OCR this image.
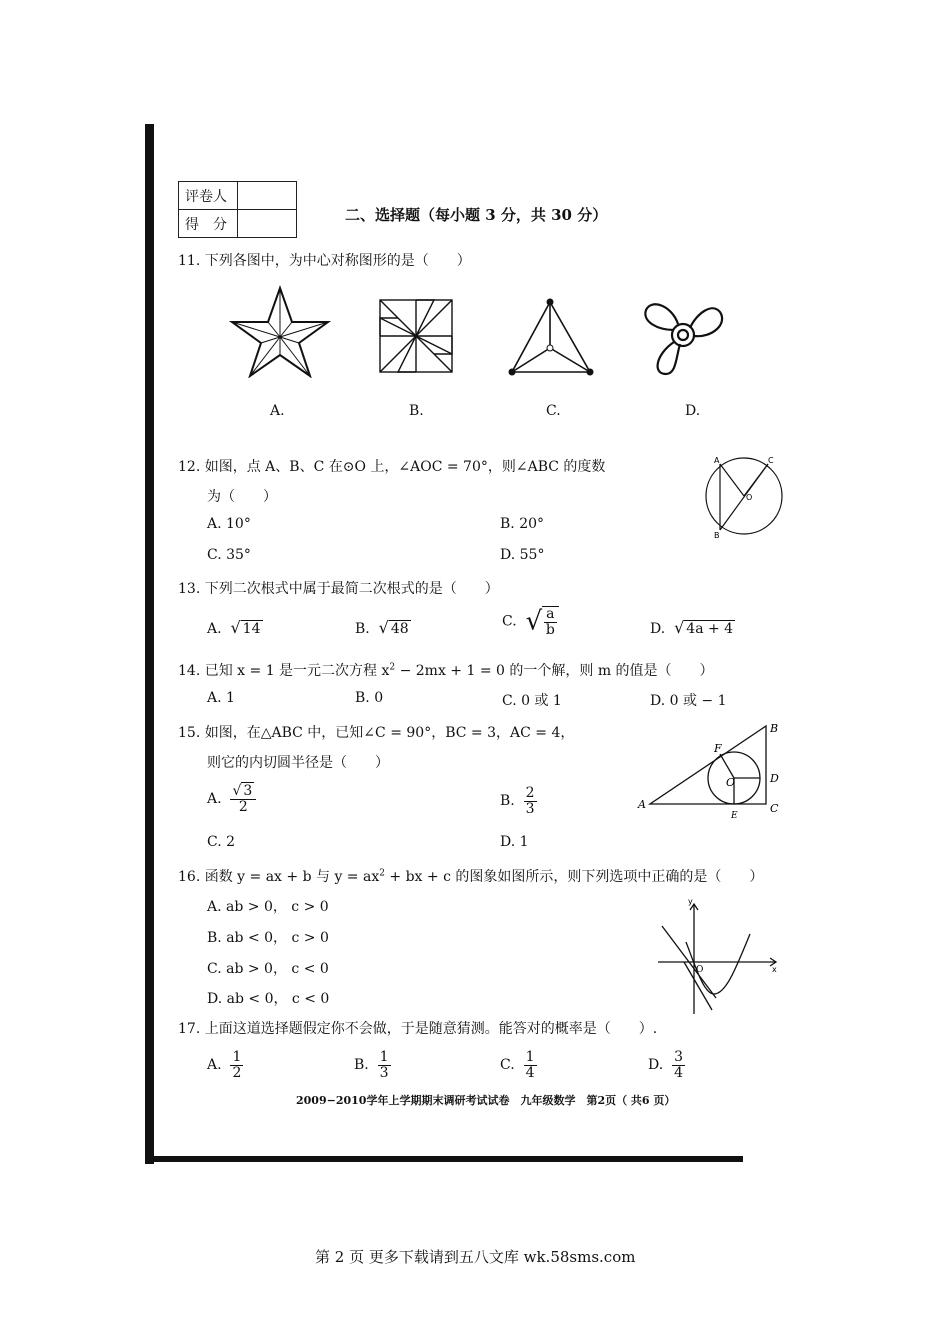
评卷人	
得　分	
二、选择题（每小题 3 分，共 30 分）
11. 下列各图中，为中心对称图形的是（　　）
A.	B.	C.	D.
12. 如图，点 A、B、C 在⊙O 上，∠AOC = 70°，则∠ABC 的度数
为（　　）
A. 10°	B. 20°
C. 35°	D. 55°
A	C
O
B
13. 下列二次根式中属于最简二次根式的是（　　）
A. √ 14	B. √ 48	C. √ $\frac{a}{b}$	D. √ 4a + 4
14. 已知 x = 1 是一元二次方程 $x^2 - 2mx + 1 = 0$ 的一个解，则 m 的值是（　　）
A. 1	B. 0	C. 0 或 1	D. 0 或 − 1
15. 如图，在△ABC 中，已知∠C = 90°，BC = 3，AC = 4，
则它的内切圆半径是（　　）
A. $\frac{√ 3}{2}$	B. $\frac{2}{3}$
C. 2	D. 1
B
F
O	D
A
E
C
16. 函数 y = ax + b 与 $y = ax^2$ + bx + c 的图象如图所示，则下列选项中正确的是（　　）
A. ab > 0， c > 0
B. ab < 0， c > 0
C. ab > 0， c < 0
D. ab < 0， c < 0
y
O	x
17. 上面这道选择题假定你不会做，于是随意猜测。能答对的概率是（　　）.
A. $\frac{1}{2}$	B. $\frac{1}{3}$	C. $\frac{1}{4}$	D. $\frac{3}{4}$
2009−2010学年上学期期末调研考试试卷　九年级数学　第2页（ 共6 页）
第 2 页 更多下载请到五八文库 wk.58sms.com
